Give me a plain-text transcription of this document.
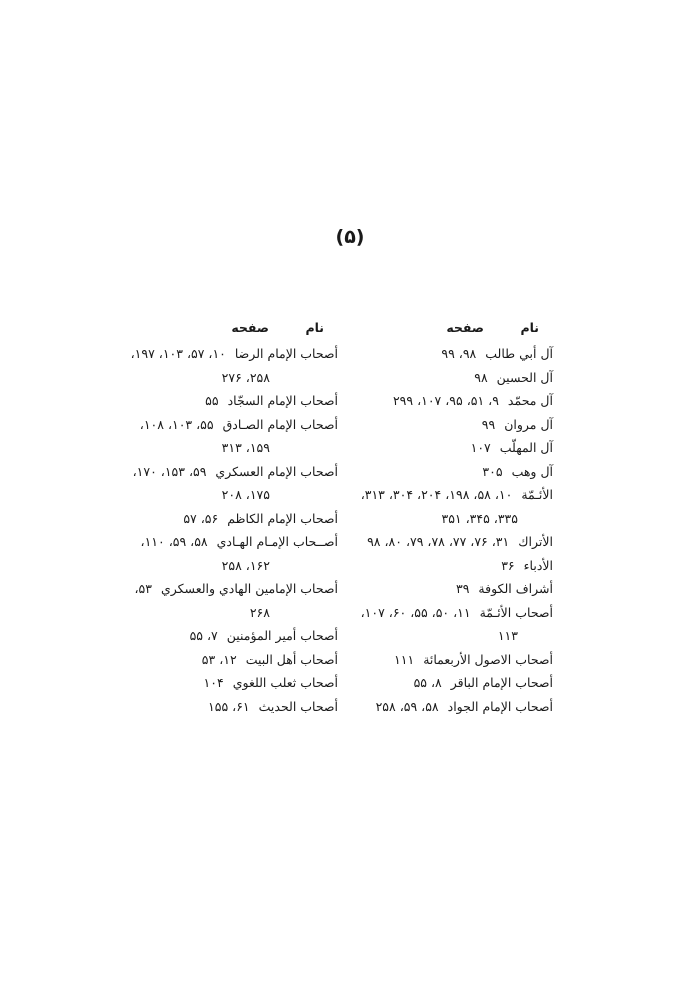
(۵)
نام
صفحه
آل أبي طالب۹۸، ۹۹
آل الحسين۹۸
آل محمّد۹، ۵۱، ۹۵، ۱۰۷، ۲۹۹
آل مروان۹۹
آل المهلّب۱۰۷
آل وهب۳۰۵
الأئـمّة۱۰، ۵۸، ۱۹۸، ۲۰۴، ۳۰۴، ۳۱۳،
۳۳۵، ۳۴۵، ۳۵۱
الأتراك۳۱، ۷۶، ۷۷، ۷۸، ۷۹، ۸۰، ۹۸
الأدباء۳۶
أشراف الكوفة۳۹
أصحاب الأئـمّة۱۱، ۵۰، ۵۵، ۶۰، ۱۰۷،
۱۱۳
أصحاب الاصول الأربعمائة۱۱۱
أصحاب الإمام الباقر۸، ۵۵
أصحاب الإمام الجواد۵۸، ۵۹، ۲۵۸
نام
صفحه
أصحاب الإمام الرضا۱۰، ۵۷، ۱۰۳، ۱۹۷،
۲۵۸، ۲۷۶
أصحاب الإمام السجّاد۵۵
أصحاب الإمام الصـادق۵۵، ۱۰۳، ۱۰۸،
۱۵۹، ۳۱۳
أصحاب الإمام العسكري۵۹، ۱۵۳، ۱۷۰،
۱۷۵، ۲۰۸
أصحاب الإمام الكاظم۵۶، ۵۷
أصــحاب الإمـام الهـادي۵۸، ۵۹، ۱۱۰،
۱۶۲، ۲۵۸
أصحاب الإمامين الهادي والعسكري۵۳،
۲۶۸
أصحاب أمير المؤمنين۷، ۵۵
أصحاب أهل البيت۱۲، ۵۳
أصحاب ثعلب اللغوي۱۰۴
أصحاب الحديث۶۱، ۱۵۵
